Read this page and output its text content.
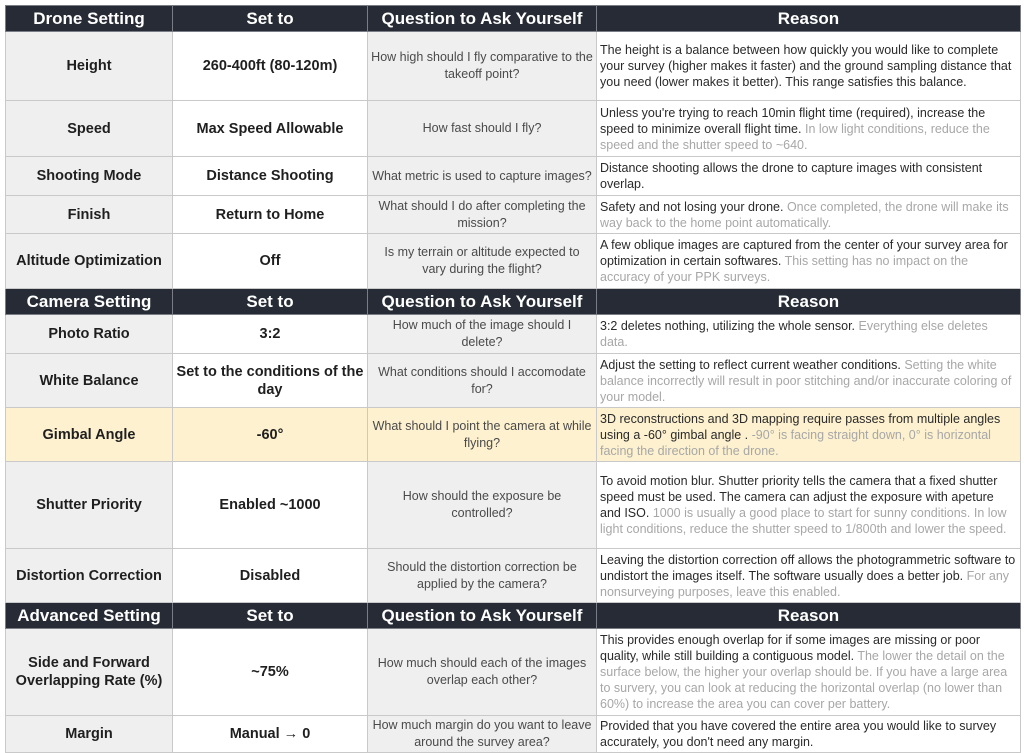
Drone Setting	Set to	Question to Ask Yourself	Reason
Height	260-400ft (80-120m)	How high should I fly comparative to the takeoff point?	The height is a balance between how quickly you would like to complete your survey (higher makes it faster) and the ground sampling distance that you need (lower makes it better). This range satisfies this balance.
Speed	Max Speed Allowable	How fast should I fly?	Unless you're trying to reach 10min flight time (required), increase the speed to minimize overall flight time. In low light conditions, reduce the speed and the shutter speed to ~640.
Shooting Mode	Distance Shooting	What metric is used to capture images?	Distance shooting allows the drone to capture images with consistent overlap.
Finish	Return to Home	What should I do after completing the mission?	Safety and not losing your drone. Once completed, the drone will make its way back to the home point automatically.
Altitude Optimization	Off	Is my terrain or altitude expected to vary during the flight?	A few oblique images are captured from the center of your survey area for optimization in certain softwares. This setting has no impact on the accuracy of your PPK surveys.
Camera Setting	Set to	Question to Ask Yourself	Reason
Photo Ratio	3:2	How much of the image should I delete?	3:2 deletes nothing, utilizing the whole sensor. Everything else deletes data.
White Balance	Set to the conditions of the day	What conditions should I accomodate for?	Adjust the setting to reflect current weather conditions. Setting the white balance incorrectly will result in poor stitching and/or inaccurate coloring of your model.
Gimbal Angle	-60°	What should I point the camera at while flying?	3D reconstructions and 3D mapping require passes from multiple angles using a -60° gimbal angle . -90° is facing straight down, 0° is horizontal facing the direction of the drone.
Shutter Priority	Enabled ~1000	How should the exposure be controlled?	To avoid motion blur. Shutter priority tells the camera that a fixed shutter speed must be used. The camera can adjust the exposure with apeture and ISO. 1000 is usually a good place to start for sunny conditions. In low light conditions, reduce the shutter speed to 1/800th and lower the speed.
Distortion Correction	Disabled	Should the distortion correction be applied by the camera?	Leaving the distortion correction off allows the photogrammetric software to undistort the images itself. The software usually does a better job. For any nonsurveying purposes, leave this enabled.
Advanced Setting	Set to	Question to Ask Yourself	Reason
Side and Forward Overlapping Rate (%)	~75%	How much should each of the images overlap each other?	This provides enough overlap for if some images are missing or poor quality, while still building a contiguous model. The lower the detail on the surface below, the higher your overlap should be. If you have a large area to survery, you can look at reducing the horizontal overlap (no lower than 60%) to increase the area you can cover per battery.
Margin	Manual → 0	How much margin do you want to leave around the survey area?	Provided that you have covered the entire area you would like to survey accurately, you don't need any margin.
